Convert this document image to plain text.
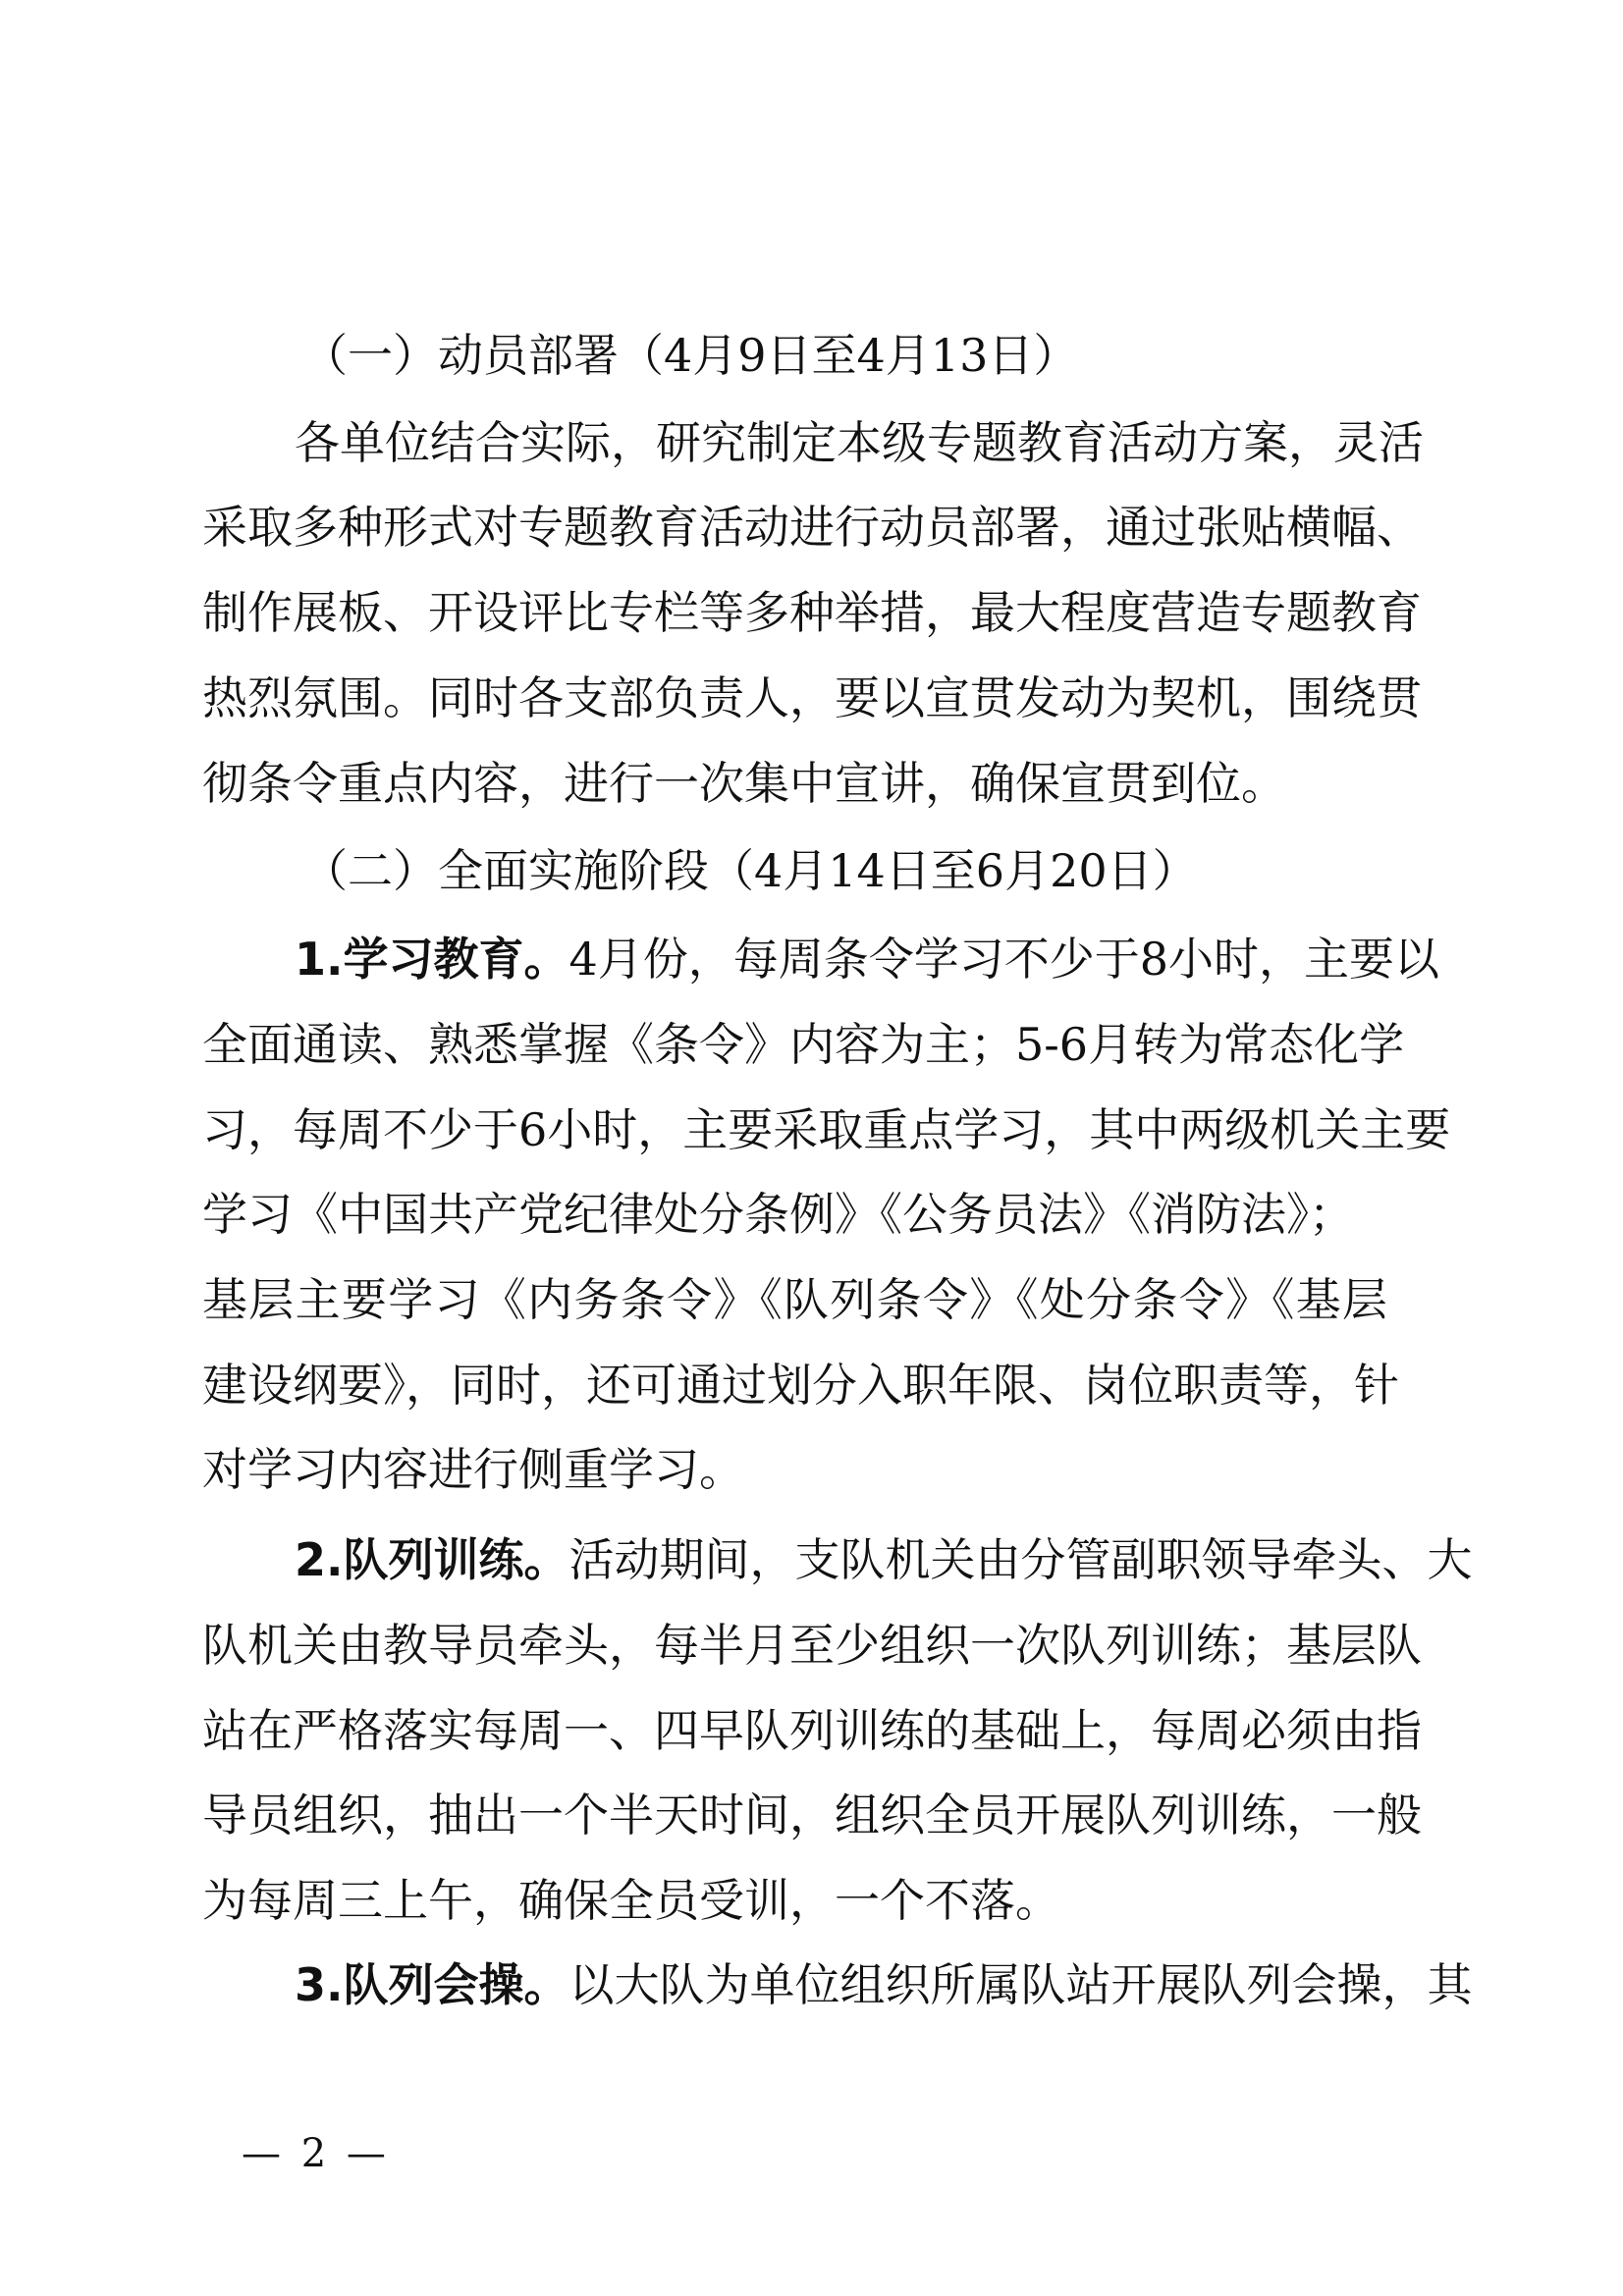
（一）动员部署（4月9日至4月13日）
各单位结合实际，研究制定本级专题教育活动方案，灵活
采取多种形式对专题教育活动进行动员部署，通过张贴横幅、
制作展板、开设评比专栏等多种举措，最大程度营造专题教育
热烈氛围。同时各支部负责人，要以宣贯发动为契机，围绕贯
彻条令重点内容，进行一次集中宣讲，确保宣贯到位。
（二）全面实施阶段（4月14日至6月20日）
1.学习教育。4月份，每周条令学习不少于8小时，主要以
全面通读、熟悉掌握《条令》内容为主；5-6月转为常态化学
习，每周不少于6小时，主要采取重点学习，其中两级机关主要
学习《中国共产党纪律处分条例》《公务员法》《消防法》；
基层主要学习《内务条令》《队列条令》《处分条令》《基层
建设纲要》，同时，还可通过划分入职年限、岗位职责等，针
对学习内容进行侧重学习。
2.队列训练。活动期间，支队机关由分管副职领导牵头、大
队机关由教导员牵头，每半月至少组织一次队列训练；基层队
站在严格落实每周一、四早队列训练的基础上，每周必须由指
导员组织，抽出一个半天时间，组织全员开展队列训练，一般
为每周三上午，确保全员受训，一个不落。
3.队列会操。以大队为单位组织所属队站开展队列会操，其
— 2 —
